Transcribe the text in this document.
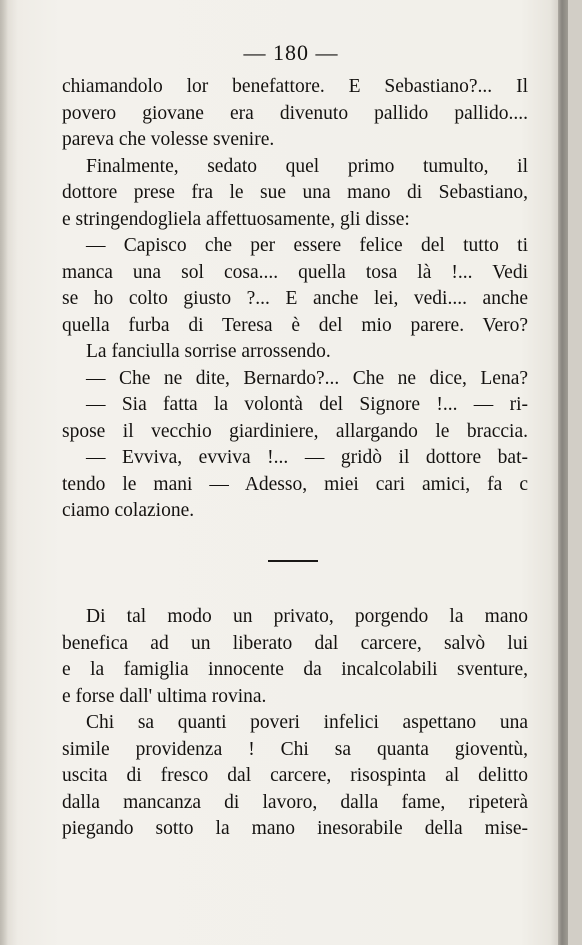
— 180 —
chiamandolo lor benefattore. E Sebastiano?... Il
povero giovane era divenuto pallido pallido....
pareva che volesse svenire.
Finalmente, sedato quel primo tumulto, il
dottore prese fra le sue una mano di Sebastiano,
e stringendogliela affettuosamente, gli disse:
— Capisco che per essere felice del tutto ti
manca una sol cosa.... quella tosa là !... Vedi
se ho colto giusto ?... E anche lei, vedi.... anche
quella furba di Teresa è del mio parere. Vero?
La fanciulla sorrise arrossendo.
— Che ne dite, Bernardo?... Che ne dice, Lena?
— Sia fatta la volontà del Signore !... — ri-
spose il vecchio giardiniere, allargando le braccia.
— Evviva, evviva !... — gridò il dottore bat-
tendo le mani — Adesso, miei cari amici, fa c
ciamo colazione.
Di tal modo un privato, porgendo la mano
benefica ad un liberato dal carcere, salvò lui
e la famiglia innocente da incalcolabili sventure,
e forse dall' ultima rovina.
Chi sa quanti poveri infelici aspettano una
simile providenza ! Chi sa quanta gioventù,
uscita di fresco dal carcere, risospinta al delitto
dalla mancanza di lavoro, dalla fame, ripeterà
piegando sotto la mano inesorabile della mise-
